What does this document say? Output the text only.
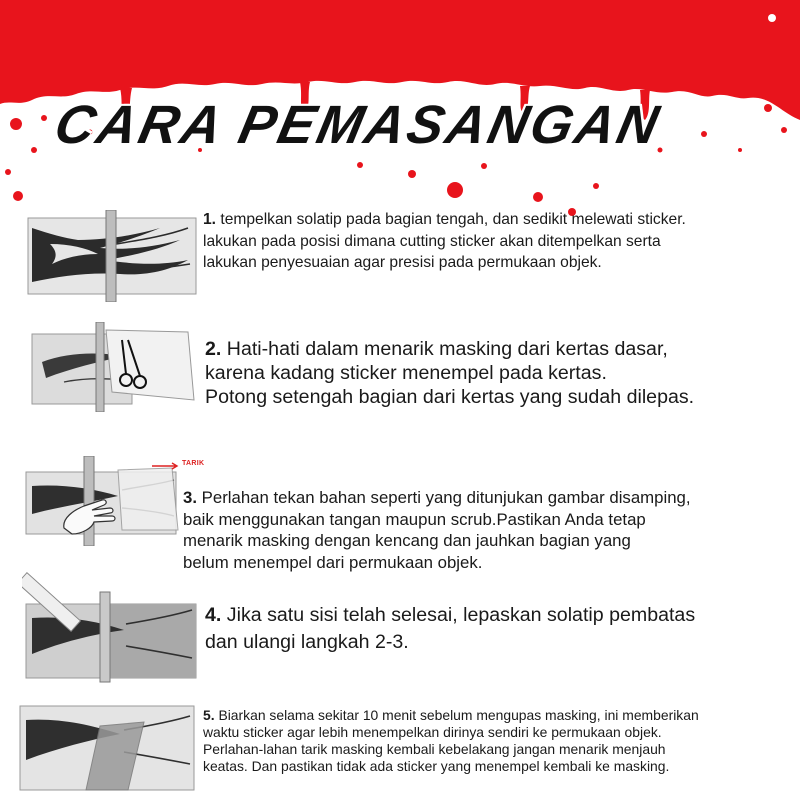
CARA PEMASANGAN
TARIK
1. tempelkan solatip pada bagian tengah, dan sedikit melewati sticker.
lakukan pada posisi dimana cutting sticker akan ditempelkan serta
lakukan penyesuaian agar presisi pada permukaan objek.
2. Hati-hati dalam menarik masking dari kertas dasar,
karena kadang sticker menempel pada kertas.
Potong setengah bagian dari kertas yang sudah dilepas.
3. Perlahan tekan bahan seperti yang ditunjukan gambar disamping,
baik menggunakan tangan maupun scrub.Pastikan Anda tetap
menarik masking dengan kencang dan jauhkan bagian yang
belum menempel dari permukaan objek.
4. Jika satu sisi telah selesai, lepaskan solatip pembatas
dan ulangi langkah 2-3.
5. Biarkan selama sekitar 10 menit sebelum mengupas masking, ini memberikan
waktu sticker agar lebih menempelkan dirinya sendiri ke permukaan objek.
Perlahan-lahan tarik masking kembali kebelakang jangan menarik menjauh
keatas. Dan pastikan tidak ada sticker yang menempel kembali ke masking.
